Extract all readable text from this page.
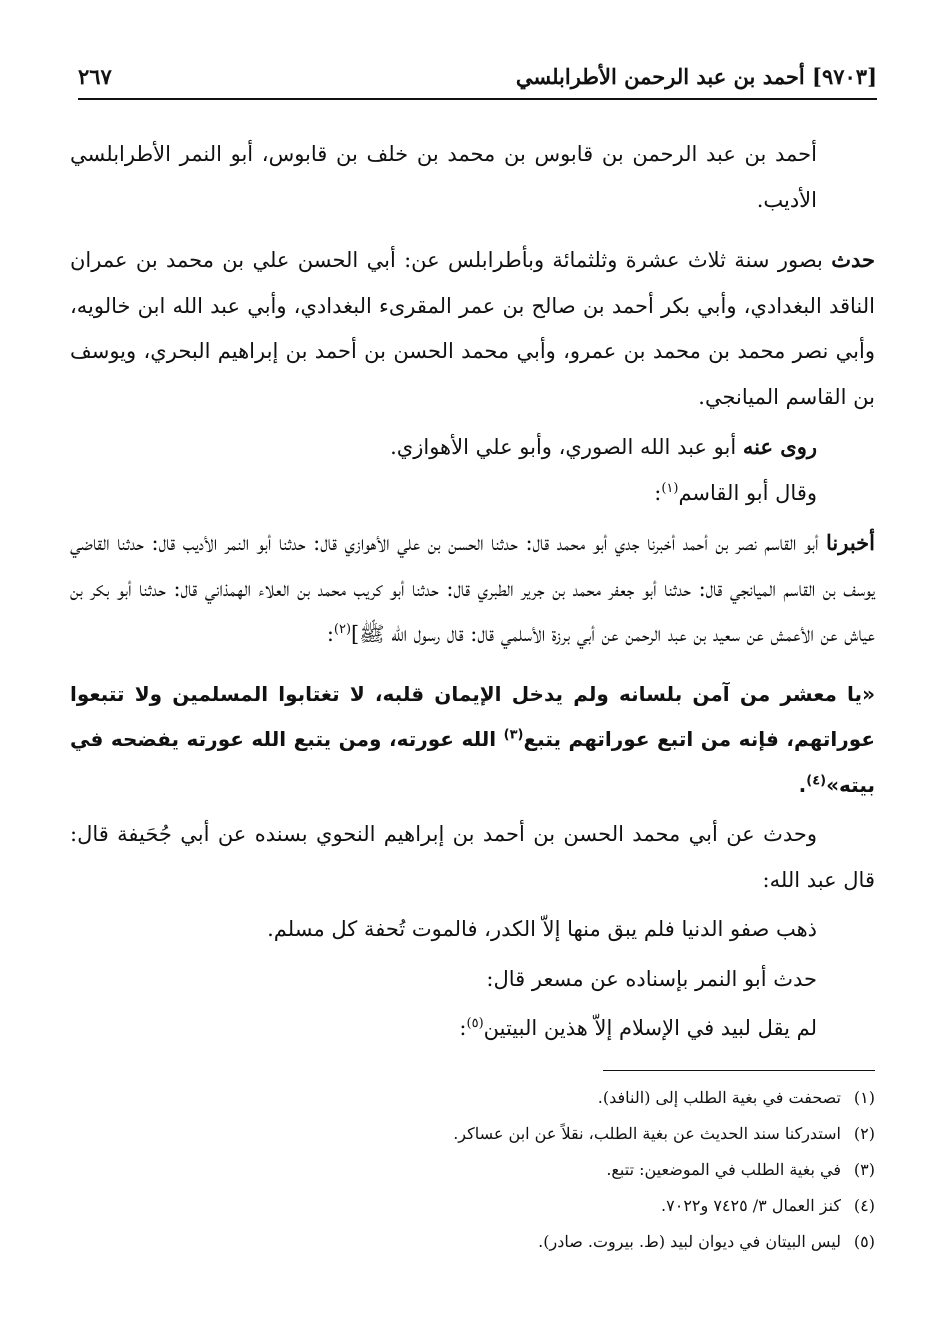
[٩٧٠٣] أحمد بن عبد الرحمن الأطرابلسي
٢٦٧

أحمد بن عبد الرحمن بن قابوس بن محمد بن خلف بن قابوس، أبو النمر الأطرابلسي الأديب.

حدث بصور سنة ثلاث عشرة وثلثمائة وبأطرابلس عن: أبي الحسن علي بن محمد بن عمران الناقد البغدادي، وأبي بكر أحمد بن صالح بن عمر المقرىء البغدادي، وأبي عبد الله ابن خالويه، وأبي نصر محمد بن محمد بن عمرو، وأبي محمد الحسن بن أحمد بن إبراهيم البحري، ويوسف بن القاسم الميانجي.

روى عنه أبو عبد الله الصوري، وأبو علي الأهوازي.

وقال أبو القاسم$^{(١)}$:

أخبرنا أبو القاسم نصر بن أحمد أخبرنا جدي أبو محمد قال: حدثنا الحسن بن علي الأهوازي قال: حدثنا أبو النمر الأديب قال: حدثنا القاضي يوسف بن القاسم الميانجي قال: حدثنا أبو جعفر محمد بن جرير الطبري قال: حدثنا أبو كريب محمد بن العلاء الهمذاني قال: حدثنا أبو بكر بن عياش عن الأعمش عن سعيد بن عبد الرحمن عن أبي برزة الأسلمي قال: قال رسول الله ﷺ]$^{(٢)}$:

«يا معشر من آمن بلسانه ولم يدخل الإيمان قلبه، لا تغتابوا المسلمين ولا تتبعوا عوراتهم، فإنه من اتبع عوراتهم يتبع$^{(٣)}$ الله عورته، ومن يتبع الله عورته يفضحه في بيته»$^{(٤)}$.

وحدث عن أبي محمد الحسن بن أحمد بن إبراهيم النحوي بسنده عن أبي جُحَيفة قال: قال عبد الله:

ذهب صفو الدنيا فلم يبق منها إلاّ الكدر، فالموت تُحفة كل مسلم.

حدث أبو النمر بإسناده عن مسعر قال:

لم يقل لبيد في الإسلام إلاّ هذين البيتين$^{(٥)}$:

(١)تصحفت في بغية الطلب إلى (النافد).
(٢)استدركنا سند الحديث عن بغية الطلب، نقلاً عن ابن عساكر.
(٣)في بغية الطلب في الموضعين: تتبع.
(٤)كنز العمال ٣/ ٧٤٢٥ و٧٠٢٢.
(٥)ليس البيتان في ديوان لبيد (ط. بيروت. صادر).
